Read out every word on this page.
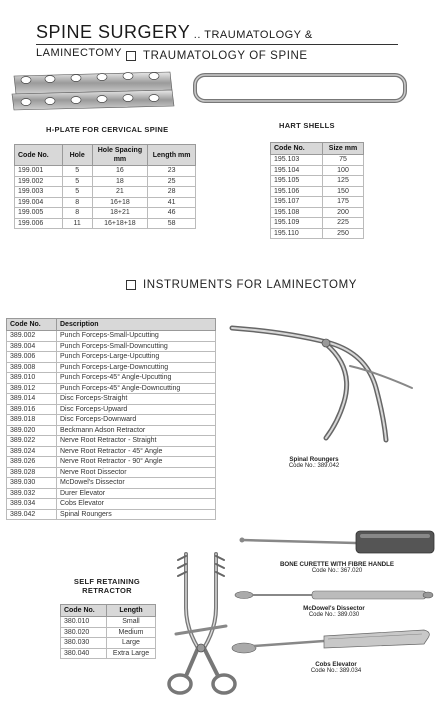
SPINE SURGERY .. TRAUMATOLOGY & LAMINECTOMY	TRAUMATOLOGY OF SPINE
H-PLATE FOR CERVICAL SPINE
Code No.	Hole	Hole Spacing mm	Length mm
199.001	5	16	23
199.002	5	18	25
199.003	5	21	28
199.004	8	16+18	41
199.005	8	18+21	46
199.006	11	16+18+18	58
HART SHELLS
Code No.	Size mm
195.103	75
195.104	100
195.105	125
195.106	150
195.107	175
195.108	200
195.109	225
195.110	250
INSTRUMENTS FOR LAMINECTOMY
Code No.	Description
389.002	Punch Forceps-Small-Upcutting
389.004	Punch Forceps-Small-Downcutting
389.006	Punch Forceps-Large-Upcutting
389.008	Punch Forceps-Large-Downcutting
389.010	Punch Forceps-45° Angle-Upcutting
389.012	Punch Forceps-45° Angle-Downcutting
389.014	Disc Forceps-Straight
389.016	Disc Forceps-Upward
389.018	Disc Forceps-Downward
389.020	Beckmann Adson Retractor
389.022	Nerve Root Retractor - Straight
389.024	Nerve Root Retractor - 45° Angle
389.026	Nerve Root Retractor - 90° Angle
389.028	Nerve Root Dissector
389.030	McDowel's Dissector
389.032	Durer Elevator
389.034	Cobs Elevator
389.042	Spinal Roungers
Spinal Roungers
Code No.: 389.042
BONE CURETTE WITH FIBRE HANDLE
Code No.: 367.020
McDowel's Dissector
Code No.: 389.030
Cobs Elevator
Code No.: 389.034
SELF RETAINING
RETRACTOR
Code No.	Length
380.010	Small
380.020	Medium
380.030	Large
380.040	Extra Large
